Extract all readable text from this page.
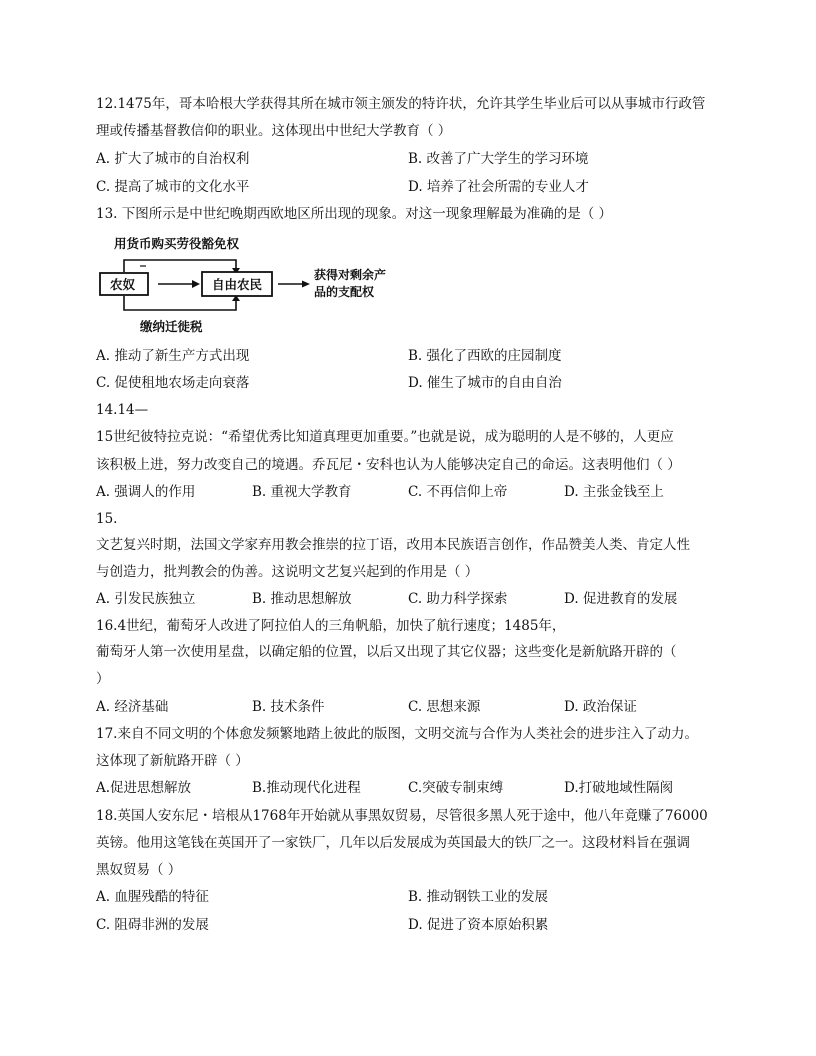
12.1475年，哥本哈根大学获得其所在城市领主颁发的特许状，允许其学生毕业后可以从事城市行政管
理或传播基督教信仰的职业。这体现出中世纪大学教育（ ）
A. 扩大了城市的自治权利	B. 改善了广大学生的学习环境
C. 提高了城市的文化水平	D. 培养了社会所需的专业人才
13. 下图所示是中世纪晚期西欧地区所出现的现象。对这一现象理解最为准确的是（ ）
用货币购买劳役豁免权
农奴	自由农民
获得对剩余产
品的支配权
缴纳迁徙税
A. 推动了新生产方式出现	B. 强化了西欧的庄园制度
C. 促使租地农场走向衰落	D. 催生了城市的自由自治
14.14—
15世纪彼特拉克说：“希望优秀比知道真理更加重要。”也就是说，成为聪明的人是不够的，人更应
该积极上进，努力改变自己的境遇。乔瓦尼・安科也认为人能够决定自己的命运。这表明他们（ ）
A. 强调人的作用	B. 重视大学教育	C. 不再信仰上帝	D. 主张金钱至上
15.
文艺复兴时期，法国文学家弃用教会推崇的拉丁语，改用本民族语言创作，作品赞美人类、肯定人性
与创造力，批判教会的伪善。这说明文艺复兴起到的作用是（ ）
A. 引发民族独立	B. 推动思想解放	C. 助力科学探索	D. 促进教育的发展
16.4世纪，葡萄牙人改进了阿拉伯人的三角帆船，加快了航行速度；1485年，
葡萄牙人第一次使用星盘，以确定船的位置，以后又出现了其它仪器；这些变化是新航路开辟的（
）
A. 经济基础	B. 技术条件	C. 思想来源	D. 政治保证
17.来自不同文明的个体愈发频繁地踏上彼此的版图，文明交流与合作为人类社会的进步注入了动力。
这体现了新航路开辟（ ）
A.促进思想解放	B.推动现代化进程	C.突破专制束缚	D.打破地域性隔阂
18.英国人安东尼・培根从1768年开始就从事黑奴贸易，尽管很多黑人死于途中，他八年竟赚了76000
英镑。他用这笔钱在英国开了一家铁厂，几年以后发展成为英国最大的铁厂之一。这段材料旨在强调
黑奴贸易（ ）
A. 血腥残酷的特征	B. 推动钢铁工业的发展
C. 阻碍非洲的发展	D. 促进了资本原始积累
